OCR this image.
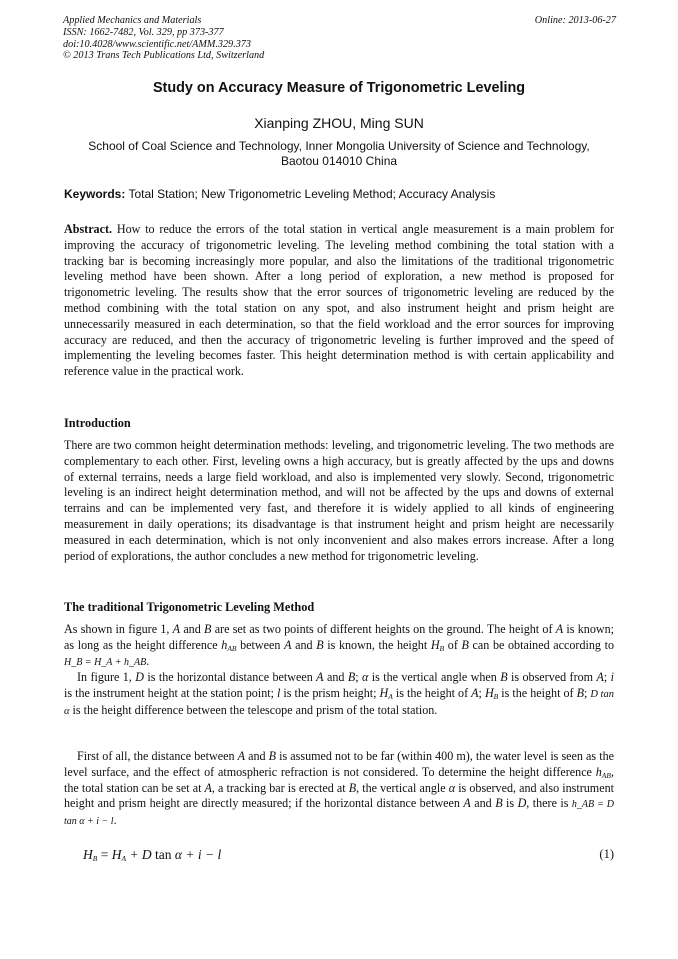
Applied Mechanics and Materials
ISSN: 1662-7482, Vol. 329, pp 373-377
doi:10.4028/www.scientific.net/AMM.329.373
© 2013 Trans Tech Publications Ltd, Switzerland
Online: 2013-06-27
Study on Accuracy Measure of Trigonometric Leveling
Xianping ZHOU, Ming SUN
School of Coal Science and Technology, Inner Mongolia University of Science and Technology,
Baotou 014010 China
Keywords: Total Station; New Trigonometric Leveling Method; Accuracy Analysis

Abstract. How to reduce the errors of the total station in vertical angle measurement is a main problem for improving the accuracy of trigonometric leveling. The leveling method combining the total station with a tracking bar is becoming increasingly more popular, and also the limitations of the traditional trigonometric leveling method have been shown. After a long period of exploration, a new method is proposed for trigonometric leveling. The results show that the error sources of trigonometric leveling are reduced by the method combining with the total station on any spot, and also instrument height and prism height are unnecessarily measured in each determination, so that the field workload and the error sources for improving accuracy are reduced, and then the accuracy of trigonometric leveling is further improved and the speed of implementing the leveling becomes faster. This height determination method is with certain applicability and reference value in the practical work.

Introduction

There are two common height determination methods: leveling, and trigonometric leveling. The two methods are complementary to each other. First, leveling owns a high accuracy, but is greatly affected by the ups and downs of external terrains, needs a large field workload, and also is implemented very slowly. Second, trigonometric leveling is an indirect height determination method, and will not be affected by the ups and downs of external terrains and can be implemented very fast, and therefore it is widely applied to all kinds of engineering measurement in daily operations; its disadvantage is that instrument height and prism height are necessarily measured in each determination, which is not only inconvenient and also makes errors increase. After a long period of explorations, the author concludes a new method for trigonometric leveling.

The traditional Trigonometric Leveling Method

As shown in figure 1, A and B are set as two points of different heights on the ground. The height of A is known; as long as the height difference $h_{AB}$ between A and B is known, the height $H_B$ of B can be obtained according to H_B = H_A + h_AB.

In figure 1, D is the horizontal distance between A and B; α is the vertical angle when B is observed from A; i is the instrument height at the station point; l is the prism height; $H_A$ is the height of A; $H_B$ is the height of B; D tan α is the height difference between the telescope and prism of the total station.

First of all, the distance between A and B is assumed not to be far (within 400 m), the water level is seen as the level surface, and the effect of atmospheric refraction is not considered. To determine the height difference $h_{AB}$, the total station can be set at A, a tracking bar is erected at B, the vertical angle α is observed, and also instrument height and prism height are directly measured; if the horizontal distance between A and B is D, there is h_AB = D tan α + i − l.

$H_B = H_A + D$ tan α + i − l	(1)
